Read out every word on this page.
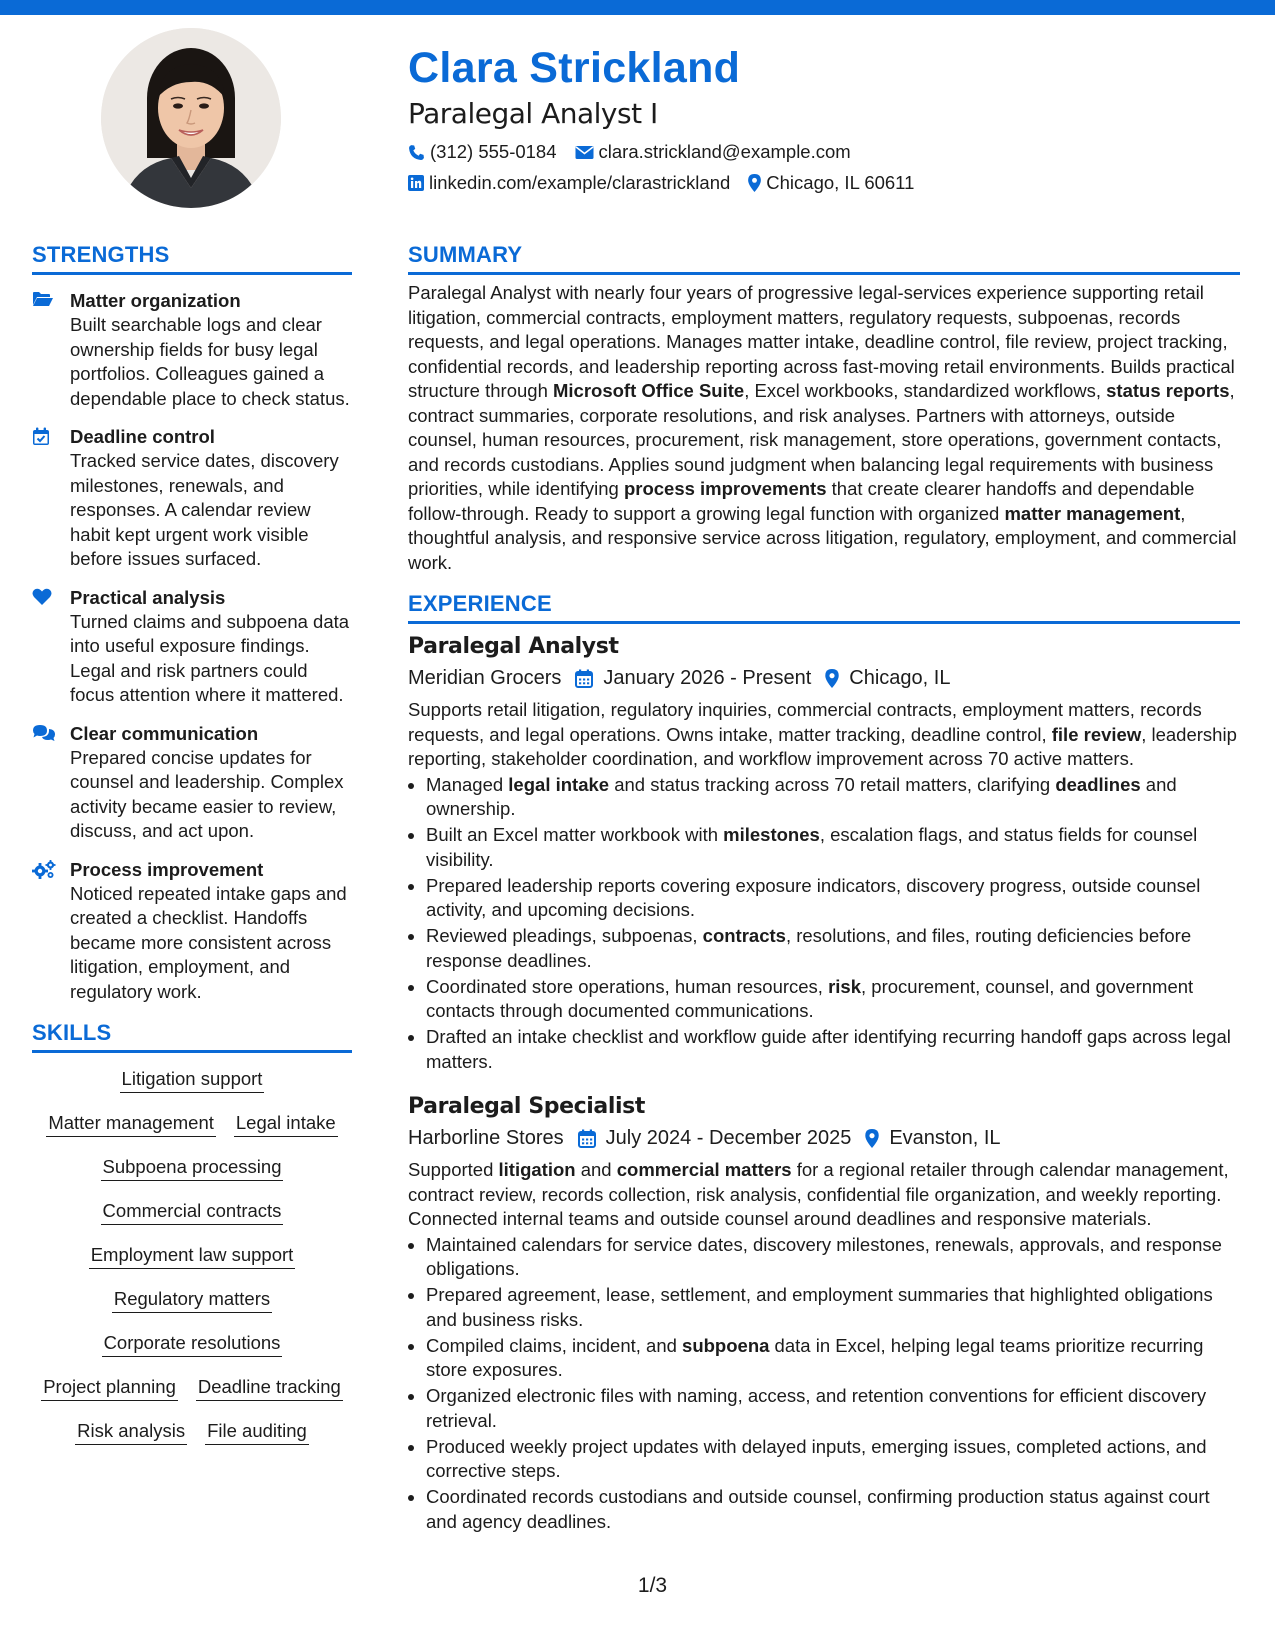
Clara Strickland
Paralegal Analyst I
(312) 555-0184 clara.strickland@example.com
linkedin.com/example/clarastrickland Chicago, IL 60611
STRENGTHS
Matter organization
Built searchable logs and clear ownership fields for busy legal portfolios. Colleagues gained a dependable place to check status.
Deadline control
Tracked service dates, discovery milestones, renewals, and responses. A calendar review habit kept urgent work visible before issues surfaced.
Practical analysis
Turned claims and subpoena data into useful exposure findings. Legal and risk partners could focus attention where it mattered.
Clear communication
Prepared concise updates for counsel and leadership. Complex activity became easier to review, discuss, and act upon.
Process improvement
Noticed repeated intake gaps and created a checklist. Handoffs became more consistent across litigation, employment, and regulatory work.
SKILLS
Litigation support
Matter management Legal intake
Subpoena processing
Commercial contracts
Employment law support
Regulatory matters
Corporate resolutions
Project planning Deadline tracking
Risk analysis File auditing
SUMMARY
Paralegal Analyst with nearly four years of progressive legal-services experience supporting retail litigation, commercial contracts, employment matters, regulatory requests, subpoenas, records requests, and legal operations. Manages matter intake, deadline control, file review, project tracking, confidential records, and leadership reporting across fast-moving retail environments. Builds practical structure through Microsoft Office Suite, Excel workbooks, standardized workflows, status reports, contract summaries, corporate resolutions, and risk analyses. Partners with attorneys, outside counsel, human resources, procurement, risk management, store operations, government contacts, and records custodians. Applies sound judgment when balancing legal requirements with business priorities, while identifying process improvements that create clearer handoffs and dependable follow-through. Ready to support a growing legal function with organized matter management, thoughtful analysis, and responsive service across litigation, regulatory, employment, and commercial work.
EXPERIENCE
Paralegal Analyst
Meridian Grocers January 2026 - Present Chicago, IL
Supports retail litigation, regulatory inquiries, commercial contracts, employment matters, records requests, and legal operations. Owns intake, matter tracking, deadline control, file review, leadership reporting, stakeholder coordination, and workflow improvement across 70 active matters.
• Managed legal intake and status tracking across 70 retail matters, clarifying deadlines and ownership.
• Built an Excel matter workbook with milestones, escalation flags, and status fields for counsel visibility.
• Prepared leadership reports covering exposure indicators, discovery progress, outside counsel activity, and upcoming decisions.
• Reviewed pleadings, subpoenas, contracts, resolutions, and files, routing deficiencies before response deadlines.
• Coordinated store operations, human resources, risk, procurement, counsel, and government contacts through documented communications.
• Drafted an intake checklist and workflow guide after identifying recurring handoff gaps across legal matters.
Paralegal Specialist
Harborline Stores July 2024 - December 2025 Evanston, IL
Supported litigation and commercial matters for a regional retailer through calendar management, contract review, records collection, risk analysis, confidential file organization, and weekly reporting. Connected internal teams and outside counsel around deadlines and responsive materials.
• Maintained calendars for service dates, discovery milestones, renewals, approvals, and response obligations.
• Prepared agreement, lease, settlement, and employment summaries that highlighted obligations and business risks.
• Compiled claims, incident, and subpoena data in Excel, helping legal teams prioritize recurring store exposures.
• Organized electronic files with naming, access, and retention conventions for efficient discovery retrieval.
• Produced weekly project updates with delayed inputs, emerging issues, completed actions, and corrective steps.
• Coordinated records custodians and outside counsel, confirming production status against court and agency deadlines.
1/3
